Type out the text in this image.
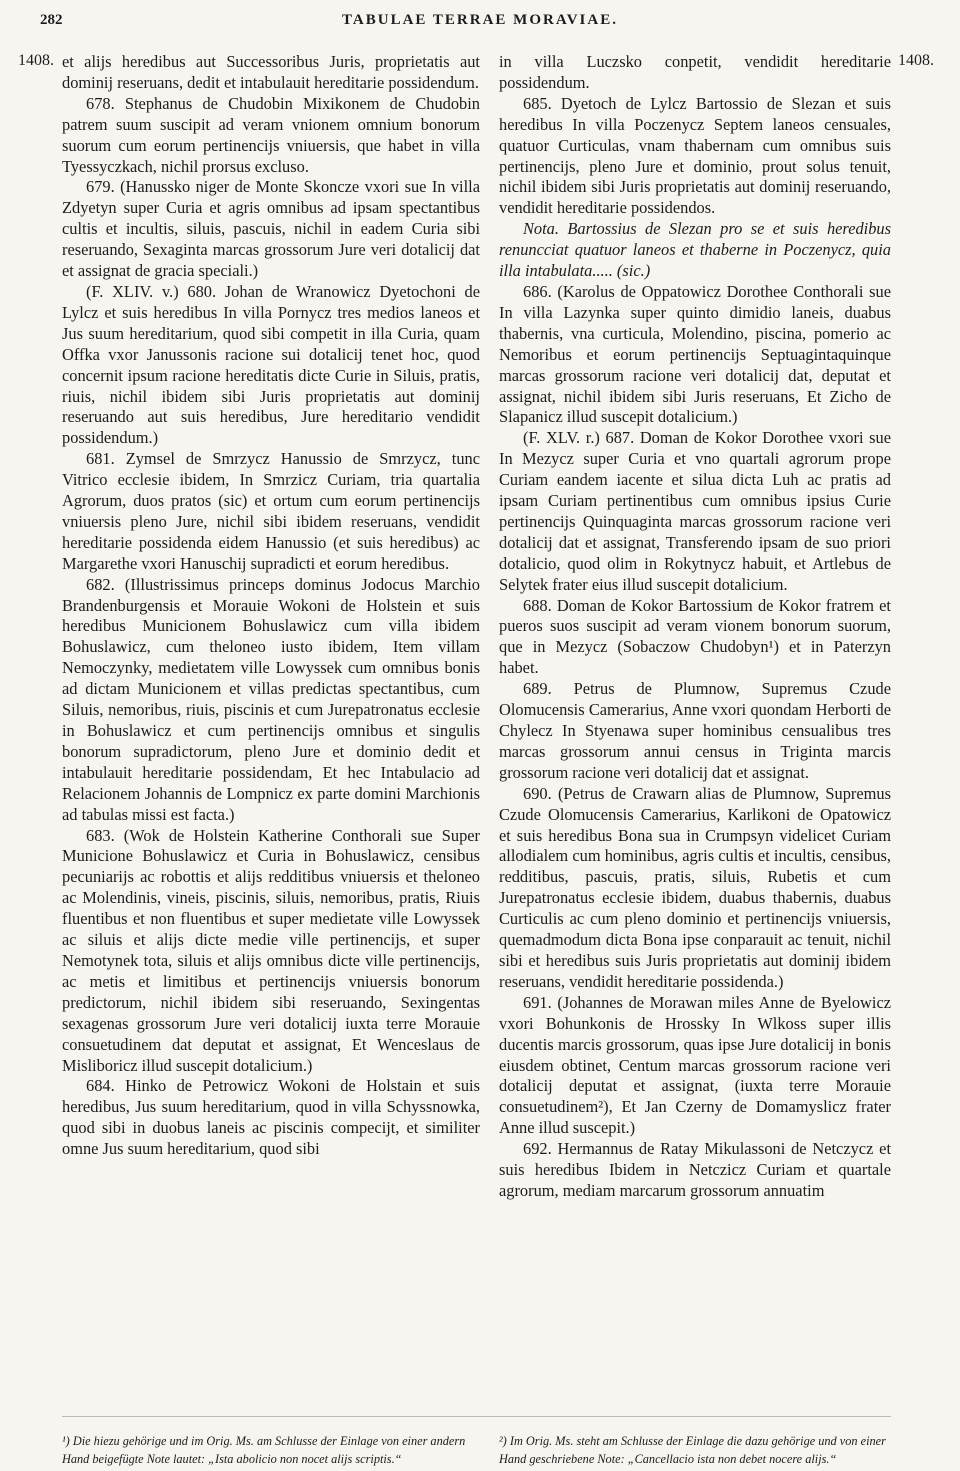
282	TABULAE TERRAE MORAVIAE.
1408.	1408.

et alijs heredibus aut Successoribus Juris, proprietatis aut dominij reseruans, dedit et intabulauit hereditarie possidendum.

678. Stephanus de Chudobin Mixikonem de Chudobin patrem suum suscipit ad veram vnionem omnium bonorum suorum cum eorum pertinencijs vniuersis, que habet in villa Tyessyczkach, nichil prorsus excluso.

679. (Hanussko niger de Monte Skoncze vxori sue In villa Zdyetyn super Curia et agris omnibus ad ipsam spectantibus cultis et incultis, siluis, pascuis, nichil in eadem Curia sibi reseruando, Sexaginta marcas grossorum Jure veri dotalicij dat et assignat de gracia speciali.)

(F. XLIV. v.) 680. Johan de Wranowicz Dyetochoni de Lylcz et suis heredibus In villa Pornycz tres medios laneos et Jus suum hereditarium, quod sibi competit in illa Curia, quam Offka vxor Janussonis racione sui dotalicij tenet hoc, quod concernit ipsum racione hereditatis dicte Curie in Siluis, pratis, riuis, nichil ibidem sibi Juris proprietatis aut dominij reseruando aut suis heredibus, Jure hereditario vendidit possidendum.)

681. Zymsel de Smrzycz Hanussio de Smrzycz, tunc Vitrico ecclesie ibidem, In Smrzicz Curiam, tria quartalia Agrorum, duos pratos (sic) et ortum cum eorum pertinencijs vniuersis pleno Jure, nichil sibi ibidem reseruans, vendidit hereditarie possidenda eidem Hanussio (et suis heredibus) ac Margarethe vxori Hanuschij supradicti et eorum heredibus.

682. (Illustrissimus princeps dominus Jodocus Marchio Brandenburgensis et Morauie Wokoni de Holstein et suis heredibus Municionem Bohuslawicz cum villa ibidem Bohuslawicz, cum theloneo iusto ibidem, Item villam Nemoczynky, medietatem ville Lowyssek cum omnibus bonis ad dictam Municionem et villas predictas spectantibus, cum Siluis, nemoribus, riuis, piscinis et cum Jurepatronatus ecclesie in Bohuslawicz et cum pertinencijs omnibus et singulis bonorum supradictorum, pleno Jure et dominio dedit et intabulauit hereditarie possidendam, Et hec Intabulacio ad Relacionem Johannis de Lompnicz ex parte domini Marchionis ad tabulas missi est facta.)

683. (Wok de Holstein Katherine Conthorali sue Super Municione Bohuslawicz et Curia in Bohuslawicz, censibus pecuniarijs ac robottis et alijs redditibus vniuersis et theloneo ac Molendinis, vineis, piscinis, siluis, nemoribus, pratis, Riuis fluentibus et non fluentibus et super medietate ville Lowyssek ac siluis et alijs dicte medie ville pertinencijs, et super Nemotynek tota, siluis et alijs omnibus dicte ville pertinencijs, ac metis et limitibus et pertinencijs vniuersis bonorum predictorum, nichil ibidem sibi reseruando, Sexingentas sexagenas grossorum Jure veri dotalicij iuxta terre Morauie consuetudinem dat deputat et assignat, Et Wenceslaus de Misliboricz illud suscepit dotalicium.)

684. Hinko de Petrowicz Wokoni de Holstain et suis heredibus, Jus suum hereditarium, quod in villa Schyssnowka, quod sibi in duobus laneis ac piscinis compecijt, et similiter omne Jus suum hereditarium, quod sibi

in villa Luczsko conpetit, vendidit hereditarie possidendum.

685. Dyetoch de Lylcz Bartossio de Slezan et suis heredibus In villa Poczenycz Septem laneos censuales, quatuor Curticulas, vnam thabernam cum omnibus suis pertinencijs, pleno Jure et dominio, prout solus tenuit, nichil ibidem sibi Juris proprietatis aut dominij reseruando, vendidit hereditarie possidendos.

Nota. Bartossius de Slezan pro se et suis heredibus renuncciat quatuor laneos et thaberne in Poczenycz, quia illa intabulata..... (sic.)

686. (Karolus de Oppatowicz Dorothee Conthorali sue In villa Lazynka super quinto dimidio laneis, duabus thabernis, vna curticula, Molendino, piscina, pomerio ac Nemoribus et eorum pertinencijs Septuagintaquinque marcas grossorum racione veri dotalicij dat, deputat et assignat, nichil ibidem sibi Juris reseruans, Et Zicho de Slapanicz illud suscepit dotalicium.)

(F. XLV. r.) 687. Doman de Kokor Dorothee vxori sue In Mezycz super Curia et vno quartali agrorum prope Curiam eandem iacente et silua dicta Luh ac pratis ad ipsam Curiam pertinentibus cum omnibus ipsius Curie pertinencijs Quinquaginta marcas grossorum racione veri dotalicij dat et assignat, Transferendo ipsam de suo priori dotalicio, quod olim in Rokytnycz habuit, et Artlebus de Selytek frater eius illud suscepit dotalicium.

688. Doman de Kokor Bartossium de Kokor fratrem et pueros suos suscipit ad veram vionem bonorum suorum, que in Mezycz (Sobaczow Chudobyn¹) et in Paterzyn habet.

689. Petrus de Plumnow, Supremus Czude Olomucensis Camerarius, Anne vxori quondam Herborti de Chylecz In Styenawa super hominibus censualibus tres marcas grossorum annui census in Triginta marcis grossorum racione veri dotalicij dat et assignat.

690. (Petrus de Crawarn alias de Plumnow, Supremus Czude Olomucensis Camerarius, Karlikoni de Opatowicz et suis heredibus Bona sua in Crumpsyn videlicet Curiam allodialem cum hominibus, agris cultis et incultis, censibus, redditibus, pascuis, pratis, siluis, Rubetis et cum Jurepatronatus ecclesie ibidem, duabus thabernis, duabus Curticulis ac cum pleno dominio et pertinencijs vniuersis, quemadmodum dicta Bona ipse conparauit ac tenuit, nichil sibi et heredibus suis Juris proprietatis aut dominij ibidem reseruans, vendidit hereditarie possidenda.)

691. (Johannes de Morawan miles Anne de Byelowicz vxori Bohunkonis de Hrossky In Wlkoss super illis ducentis marcis grossorum, quas ipse Jure dotalicij in bonis eiusdem obtinet, Centum marcas grossorum racione veri dotalicij deputat et assignat, (iuxta terre Morauie consuetudinem²), Et Jan Czerny de Domamyslicz frater Anne illud suscepit.)

692. Hermannus de Ratay Mikulassoni de Netczycz et suis heredibus Ibidem in Netczicz Curiam et quartale agrorum, mediam marcarum grossorum annuatim

¹) Die hiezu gehörige und im Orig. Ms. am Schlusse der Einlage von einer andern Hand beigefügte Note lautet: „Ista abolicio non nocet alijs scriptis.“
²) Im Orig. Ms. steht am Schlusse der Einlage die dazu gehörige und von einer Hand geschriebene Note: „Cancellacio ista non debet nocere alijs.“
